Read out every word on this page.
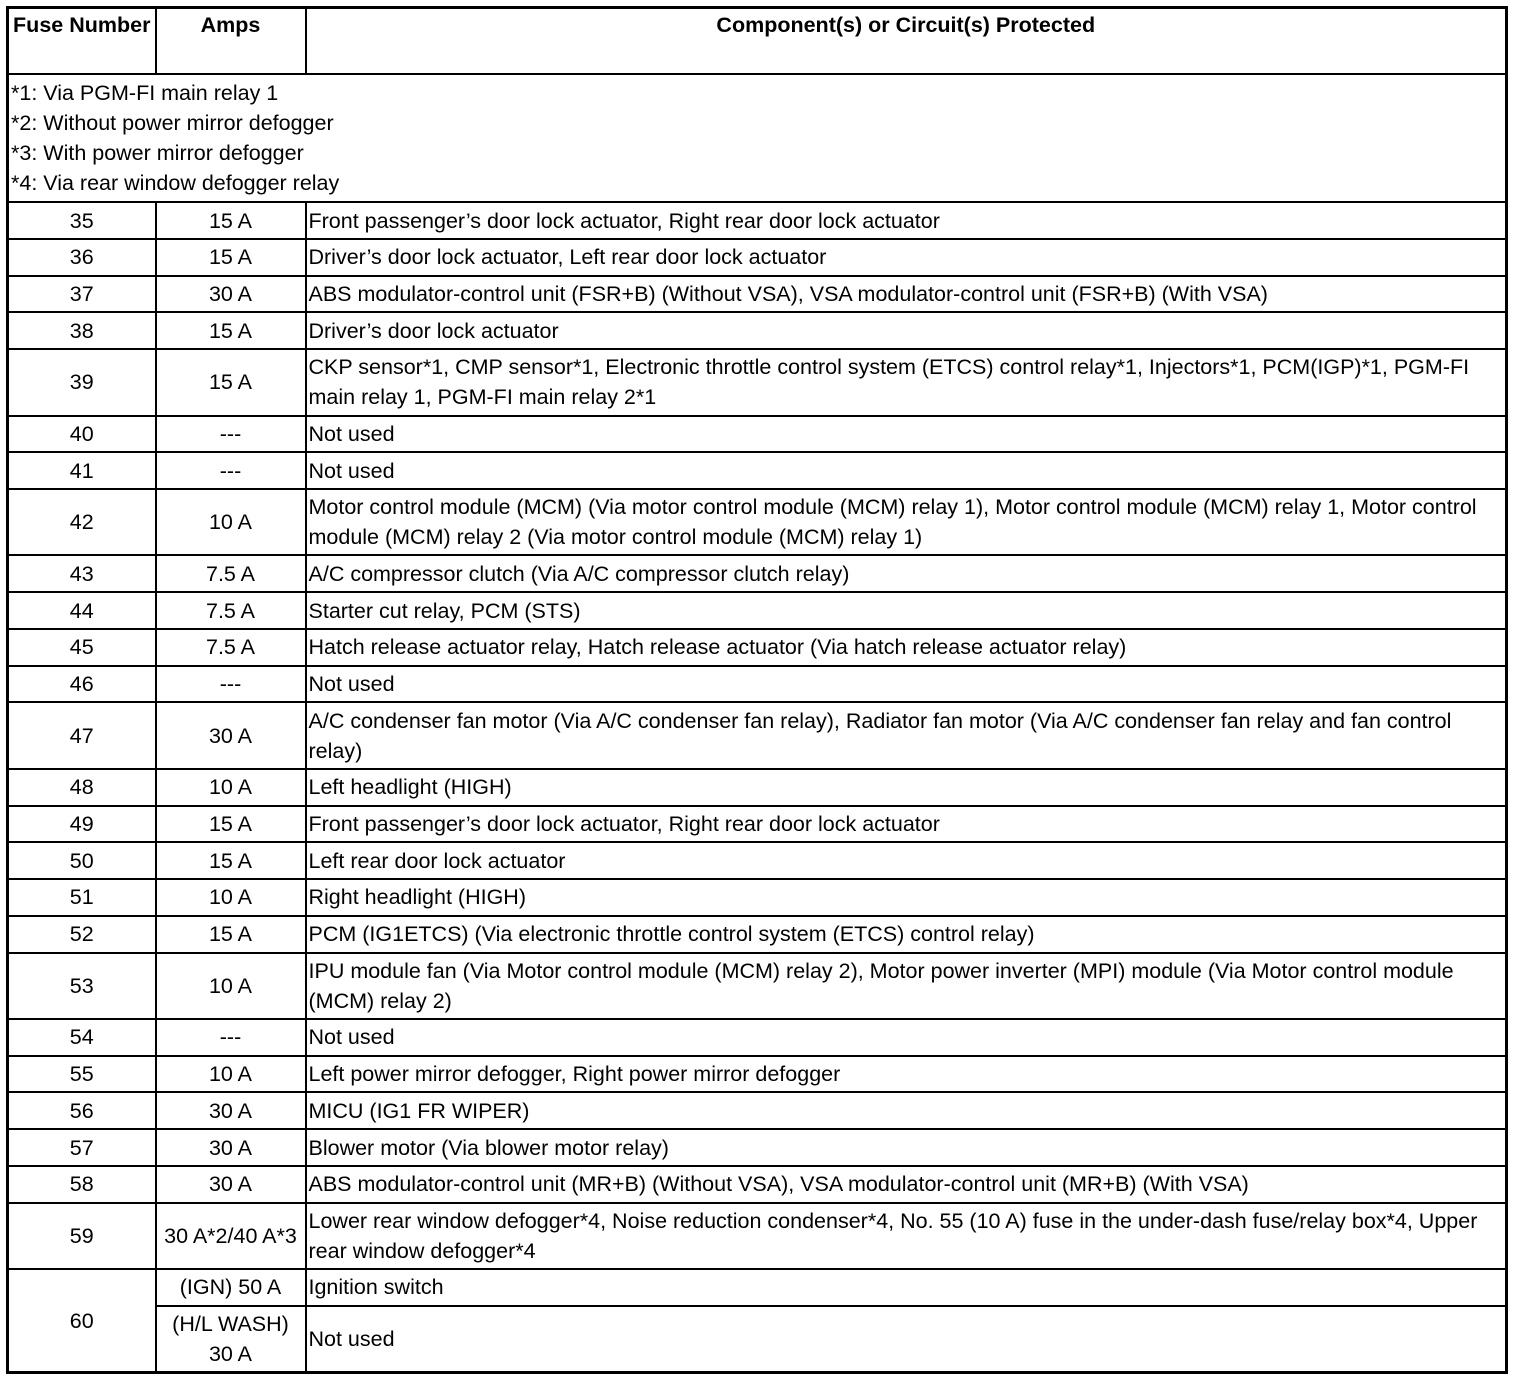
Fuse Number	Amps	Component(s) or Circuit(s) Protected

*1: Via PGM-FI main relay 1
*2: Without power mirror defogger
*3: With power mirror defogger
*4: Via rear window defogger relay		

35	15 A	Front passenger’s door lock actuator, Right rear door lock actuator
36	15 A	Driver’s door lock actuator, Left rear door lock actuator
37	30 A	ABS modulator-control unit (FSR+B) (Without VSA), VSA modulator-control unit (FSR+B) (With VSA)
38	15 A	Driver’s door lock actuator
39	15 A	CKP sensor*1, CMP sensor*1, Electronic throttle control system (ETCS) control relay*1, Injectors*1, PCM(IGP)*1, PGM-FI main relay 1, PGM-FI main relay 2*1
40	---	Not used
41	---	Not used
42	10 A	Motor control module (MCM) (Via motor control module (MCM) relay 1), Motor control module (MCM) relay 1, Motor control module (MCM) relay 2 (Via motor control module (MCM) relay 1)
43	7.5 A	A/C compressor clutch (Via A/C compressor clutch relay)
44	7.5 A	Starter cut relay, PCM (STS)
45	7.5 A	Hatch release actuator relay, Hatch release actuator (Via hatch release actuator relay)
46	---	Not used
47	30 A	A/C condenser fan motor (Via A/C condenser fan relay), Radiator fan motor (Via A/C condenser fan relay and fan control relay)
48	10 A	Left headlight (HIGH)
49	15 A	Front passenger’s door lock actuator, Right rear door lock actuator
50	15 A	Left rear door lock actuator
51	10 A	Right headlight (HIGH)
52	15 A	PCM (IG1ETCS) (Via electronic throttle control system (ETCS) control relay)
53	10 A	IPU module fan (Via Motor control module (MCM) relay 2), Motor power inverter (MPI) module (Via Motor control module (MCM) relay 2)
54	---	Not used
55	10 A	Left power mirror defogger, Right power mirror defogger
56	30 A	MICU (IG1 FR WIPER)
57	30 A	Blower motor (Via blower motor relay)
58	30 A	ABS modulator-control unit (MR+B) (Without VSA), VSA modulator-control unit (MR+B) (With VSA)
59	30 A*2/40 A*3	Lower rear window defogger*4, Noise reduction condenser*4, No. 55 (10 A) fuse in the under-dash fuse/relay box*4, Upper rear window defogger*4
60	(IGN) 50 A	Ignition switch
	(H/L WASH) 30 A	Not used
